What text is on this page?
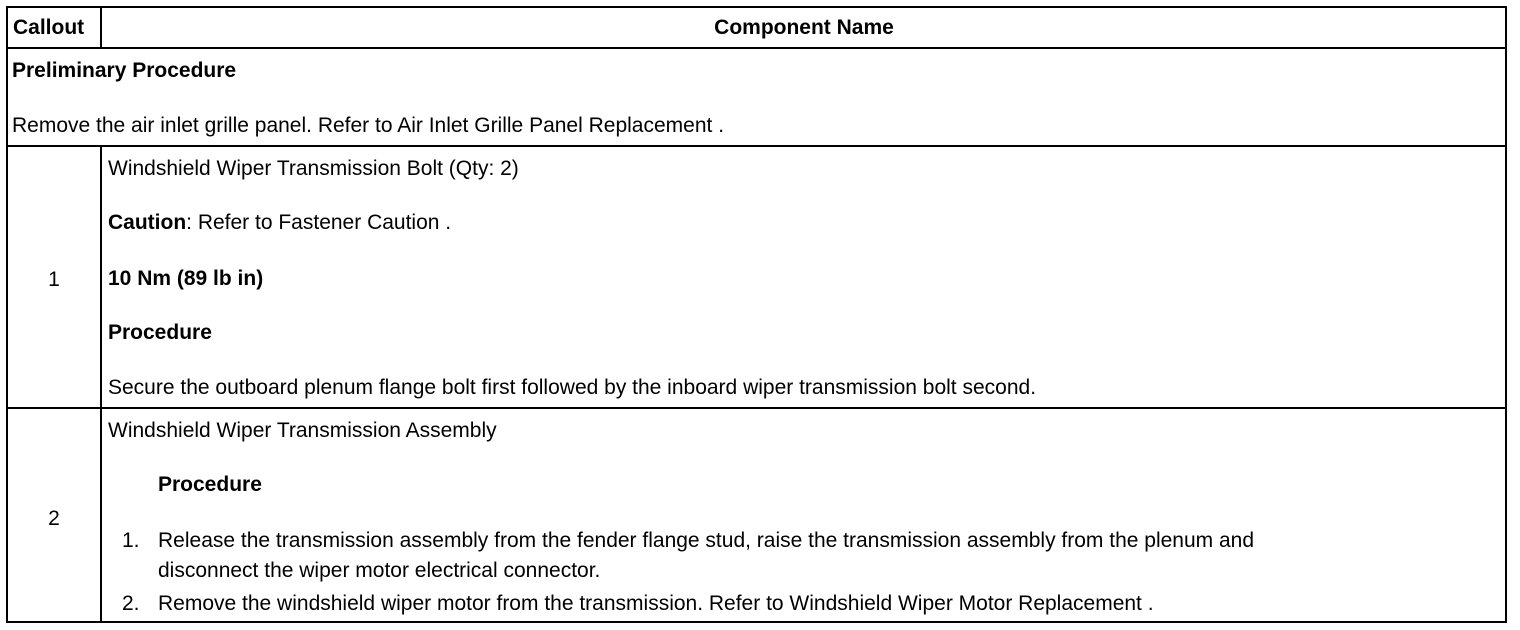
Callout	Component Name
Preliminary Procedure
Remove the air inlet grille panel. Refer to Air Inlet Grille Panel Replacement .
1
Windshield Wiper Transmission Bolt (Qty: 2)
Caution: Refer to Fastener Caution .
10 Nm (89 lb in)
Procedure
Secure the outboard plenum flange bolt first followed by the inboard wiper transmission bolt second.
2
Windshield Wiper Transmission Assembly
Procedure
1. Release the transmission assembly from the fender flange stud, raise the transmission assembly from the plenum and
disconnect the wiper motor electrical connector.
2. Remove the windshield wiper motor from the transmission. Refer to Windshield Wiper Motor Replacement .
